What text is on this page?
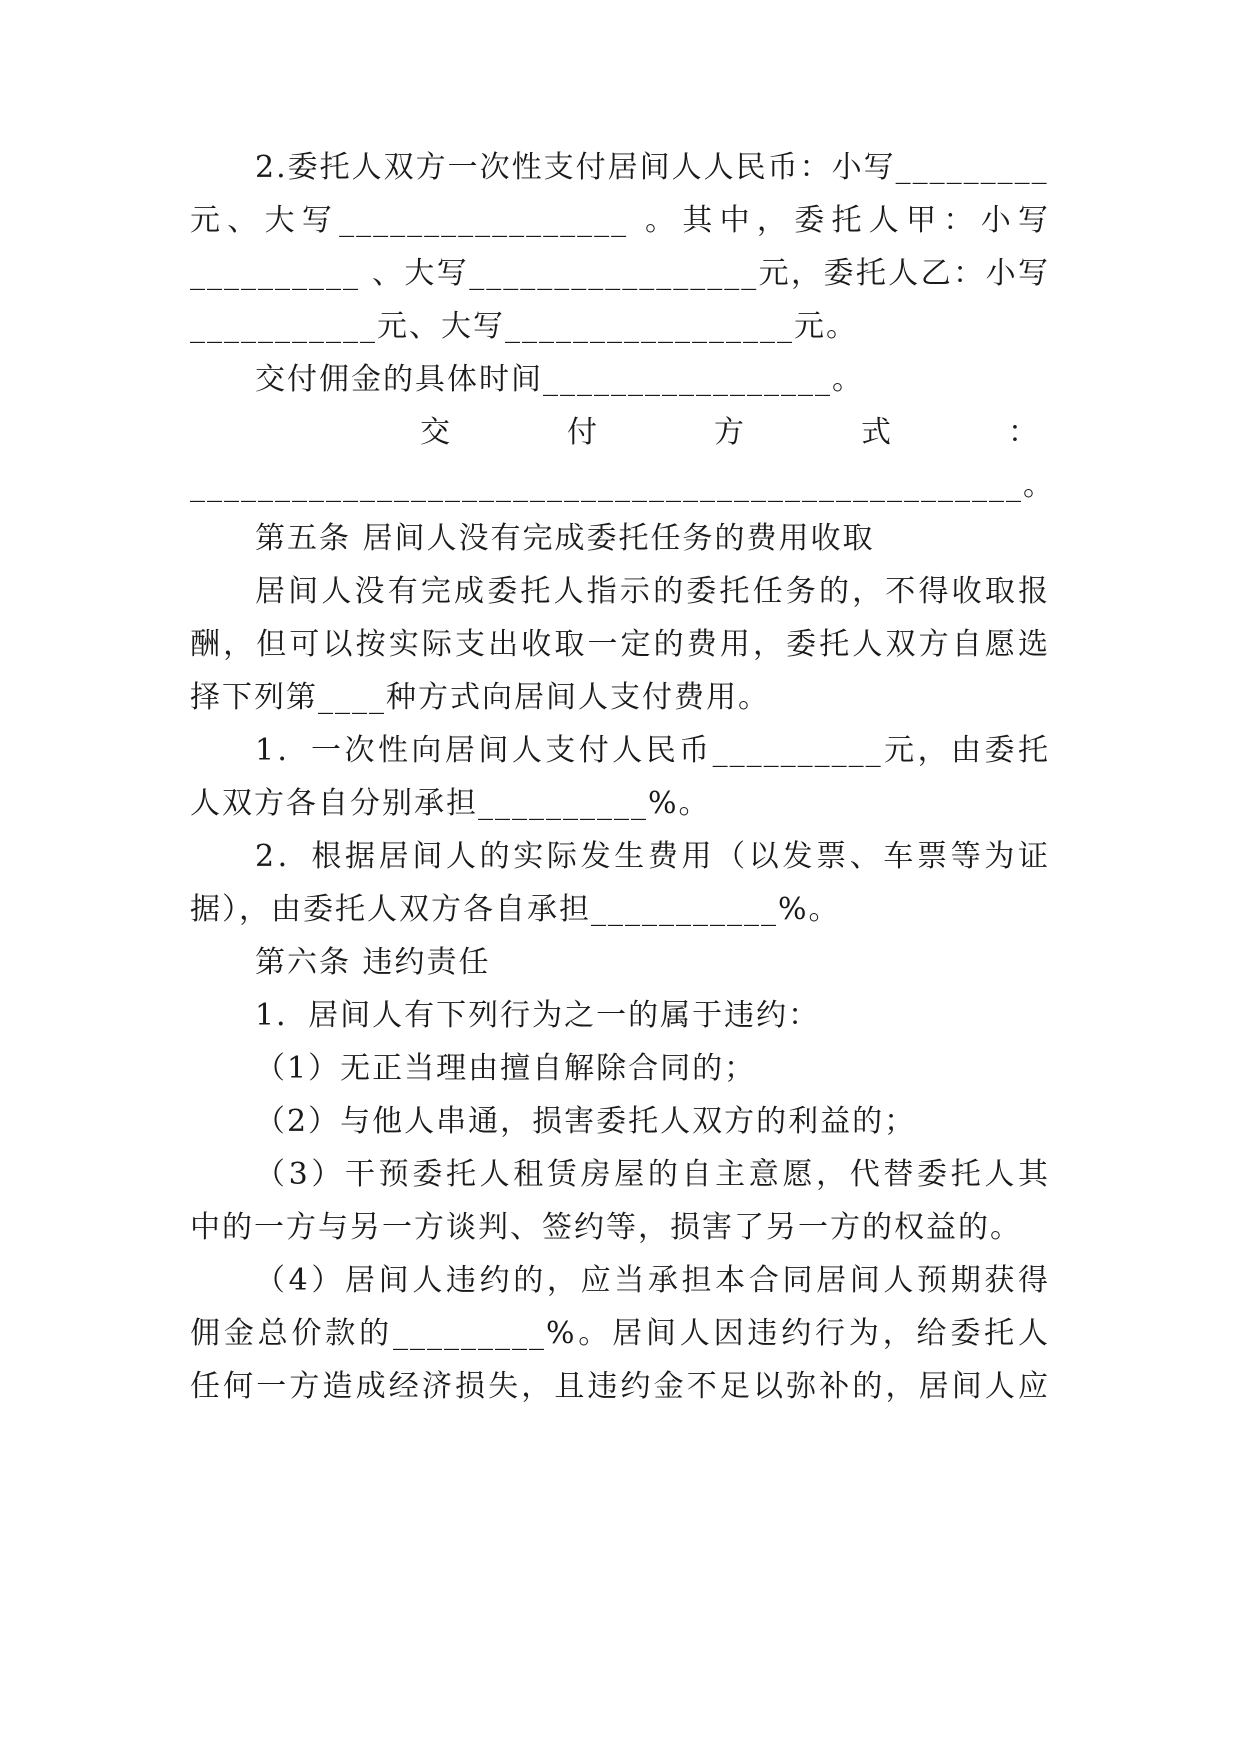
2.委托人双方一次性支付居间人人民币：小写_________
元、大写_________________ 。其中，委托人甲：小写
__________ 、大写_________________元，委托人乙：小写
___________元、大写_________________元。
交付佣金的具体时间_________________。
交　　付　　方　　式　　：
_________________________________________________。
第五条 居间人没有完成委托任务的费用收取
居间人没有完成委托人指示的委托任务的，不得收取报
酬，但可以按实际支出收取一定的费用，委托人双方自愿选
择下列第____种方式向居间人支付费用。
1．一次性向居间人支付人民币__________元，由委托
人双方各自分别承担__________%。
2．根据居间人的实际发生费用（以发票、车票等为证
据），由委托人双方各自承担___________%。
第六条 违约责任
1．居间人有下列行为之一的属于违约：
（1）无正当理由擅自解除合同的；
（2）与他人串通，损害委托人双方的利益的；
（3）干预委托人租赁房屋的自主意愿，代替委托人其
中的一方与另一方谈判、签约等，损害了另一方的权益的。
（4）居间人违约的，应当承担本合同居间人预期获得
佣金总价款的_________%。居间人因违约行为，给委托人
任何一方造成经济损失，且违约金不足以弥补的，居间人应
